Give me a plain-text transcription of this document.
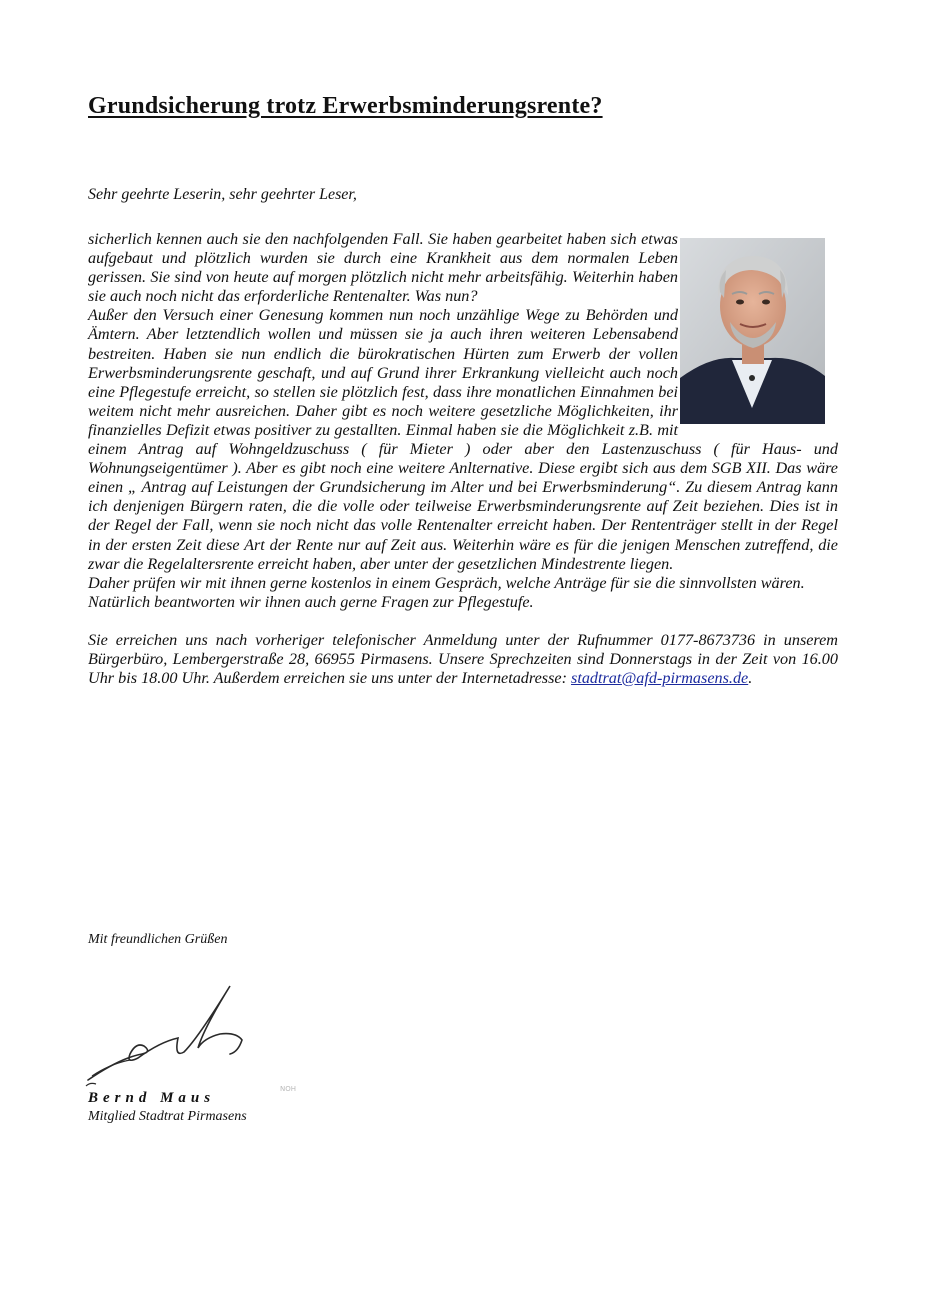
Grundsicherung trotz Erwerbsminderungsrente?

Sehr geehrte Leserin, sehr geehrter Leser,

sicherlich kennen auch sie den nachfolgenden Fall. Sie haben gearbeitet haben sich etwas aufgebaut und plötzlich wurden sie durch eine Krankheit aus dem normalen Leben gerissen. Sie sind von heute auf morgen plötzlich nicht mehr arbeitsfähig. Weiterhin haben sie auch noch nicht das erforderliche Rentenalter. Was nun?

Außer den Versuch einer Genesung kommen nun noch unzählige Wege zu Behörden und Ämtern. Aber letztendlich wollen und müssen sie ja auch ihren weiteren Lebensabend bestreiten. Haben sie nun endlich die bürokratischen Hürten zum Erwerb der vollen Erwerbsminderungsrente geschaft, und auf Grund ihrer Erkrankung vielleicht auch noch eine Pflegestufe erreicht, so stellen sie plötzlich fest, dass ihre monatlichen Einnahmen bei weitem nicht mehr ausreichen. Daher gibt es noch weitere gesetzliche Möglichkeiten, ihr finanzielles Defizit etwas positiver zu gestallten. Einmal haben sie die Möglichkeit z.B. mit einem Antrag auf Wohngeldzuschuss ( für Mieter ) oder aber den Lastenzuschuss ( für Haus- und Wohnungseigentümer ). Aber es gibt noch eine weitere Anlternative. Diese ergibt sich aus dem SGB XII. Das wäre einen „ Antrag auf Leistungen der Grundsicherung im Alter und bei Erwerbsminderung“. Zu diesem Antrag kann ich denjenigen Bürgern raten, die die volle oder teilweise Erwerbsminderungsrente auf Zeit beziehen. Dies ist in der Regel der Fall, wenn sie noch nicht das volle Rentenalter erreicht haben. Der Rententräger stellt in der Regel in der ersten Zeit diese Art der Rente nur auf Zeit aus. Weiterhin wäre es für die jenigen Menschen zutreffend, die zwar die Regelaltersrente erreicht haben, aber unter der gesetzlichen Mindestrente liegen.

Daher prüfen wir mit ihnen gerne kostenlos in einem Gespräch, welche Anträge für sie die sinnvollsten wären.

Natürlich beantworten wir ihnen auch gerne Fragen zur Pflegestufe.

Sie erreichen uns nach vorheriger telefonischer Anmeldung unter der Rufnummer 0177-8673736 in unserem Bürgerbüro, Lembergerstraße 28, 66955 Pirmasens. Unsere Sprechzeiten sind Donnerstags in der Zeit von 16.00 Uhr bis 18.00 Uhr. Außerdem erreichen sie uns unter der Internetadresse: stadtrat@afd-pirmasens.de.

Mit freundlichen Grüßen

Bernd Maus

Mitglied Stadtrat Pirmasens

NOH
